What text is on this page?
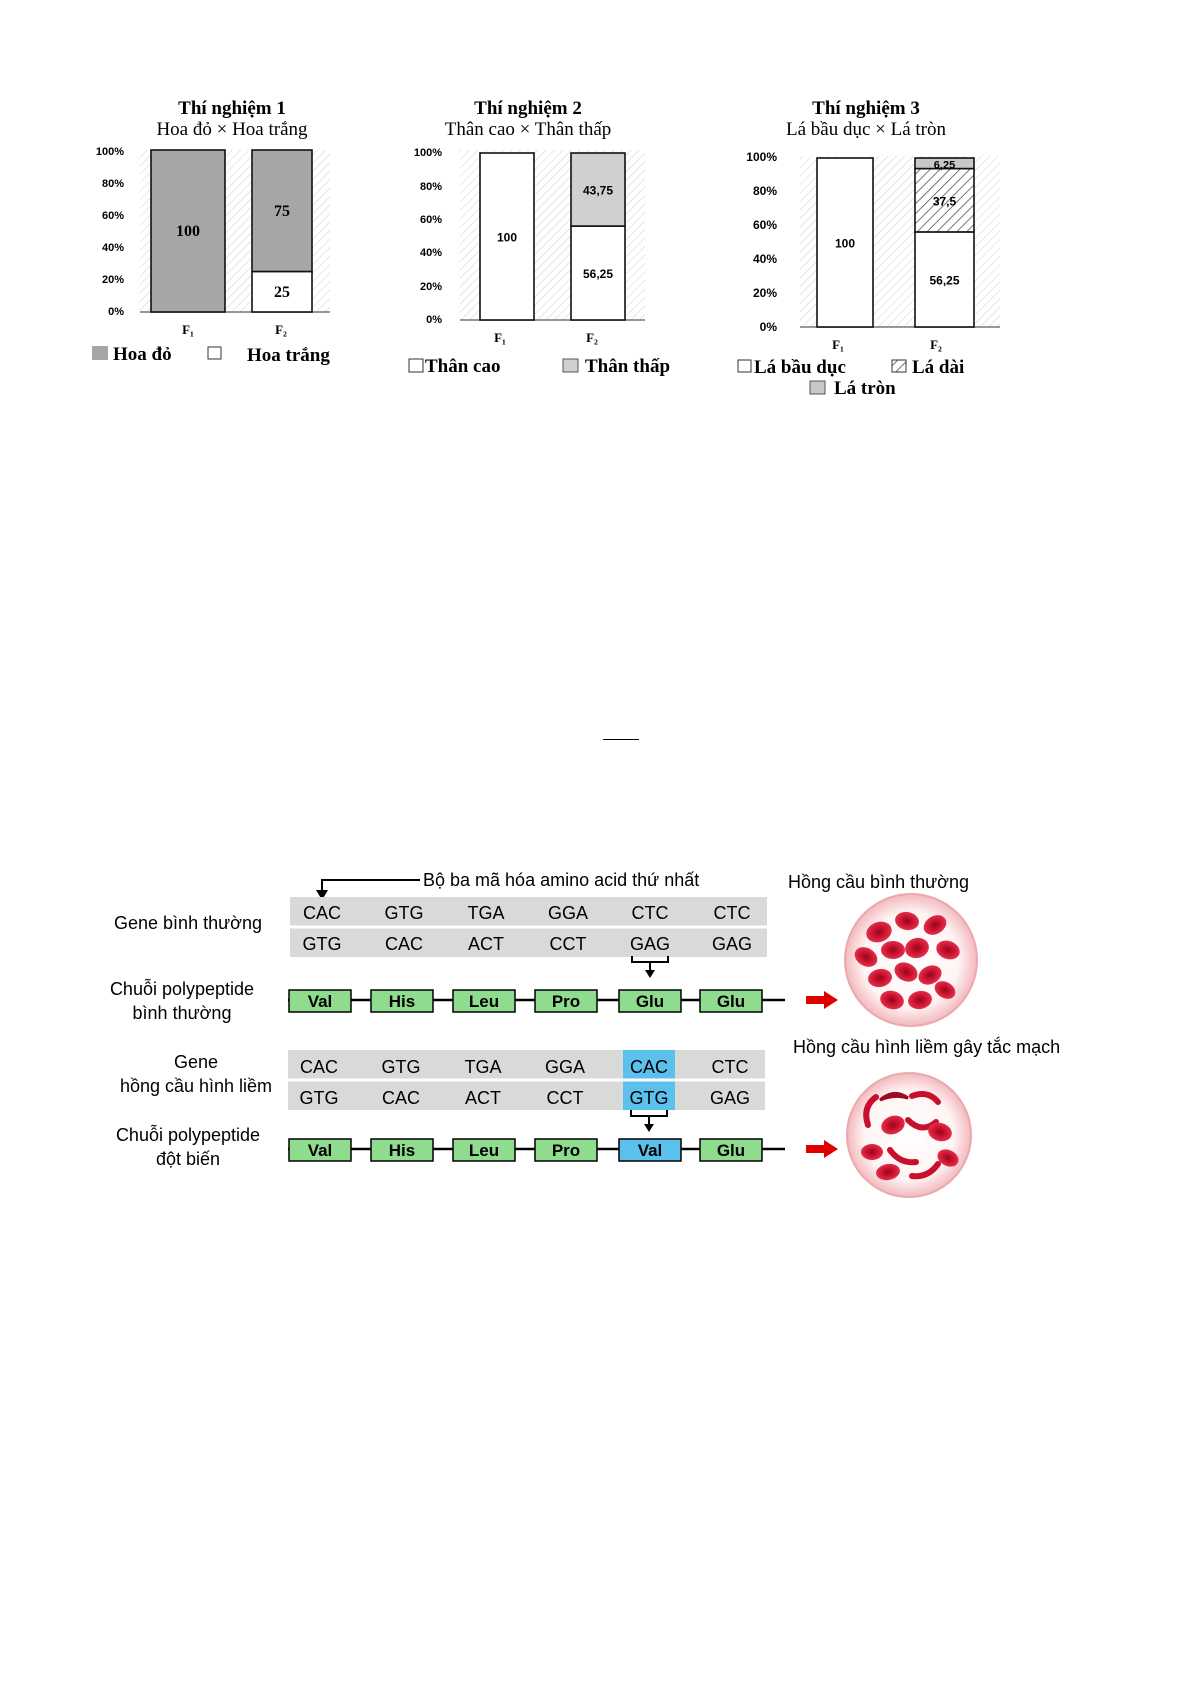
Thí nghiệm 1
Hoa đỏ × Hoa trắng
100%
80%
60%
40%
20%
0%
100
25
75
F₁	F₂
Hoa đỏ	Hoa trắng
Thí nghiệm 2
Thân cao × Thân thấp
100%
80%
60%
40%
20%
0%
100
56,25
43,75
F₁	F₂
Thân cao	Thân thấp
Thí nghiệm 3
Lá bầu dục × Lá tròn
100%
80%
60%
40%
20%
0%
100
56,25
37,5
6,25
F₁	F₂
Lá bầu dục	Lá dài
Lá tròn
Bộ ba mã hóa amino acid thứ nhất
Gene bình thường CAC GTG TGA GGA CTC	CTC
GTG CAC ACT	CCT GAG GAG
Chuỗi polypeptide
bình thường
Val	His	Leu	Pro	Glu	Glu
Hồng cầu bình thường
Gene
hồng cầu hình liềm
CAC GTG TGA GGA CAC CTC
GTG CAC ACT	CCT	GTG GAG
Chuỗi polypeptide
đột biến	Val	His	Leu	Pro	Val	Glu
Hồng cầu hình liềm gây tắc mạch
